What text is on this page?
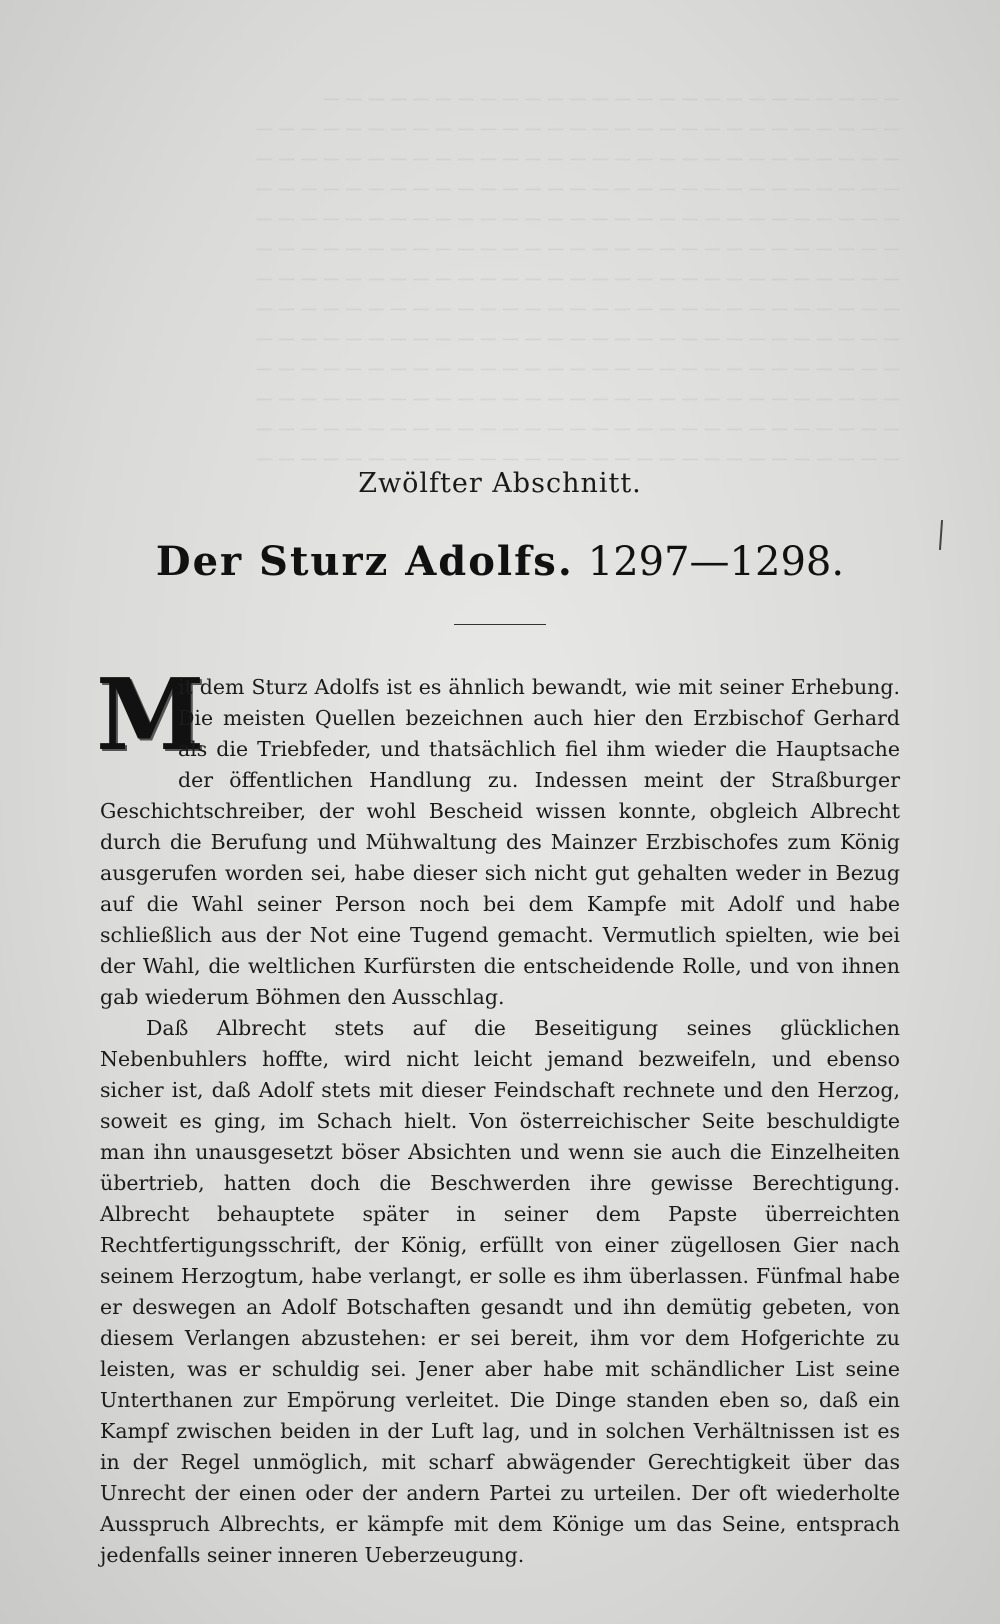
— — — — — — — — — — — — — — — — — — — — — — — — — —
— — — — — — — — — — — — — — — — — — — — — — — — — — — — —
— — — — — — — — — — — — — — — — — — — — — — — — — — — — —
— — — — — — — — — — — — — — — — — — — — — — — — — — — — —
— — — — — — — — — — — — — — — — — — — — — — — — — — — — —
— — — — — — — — — — — — — — — — — — — — — — — — — — — — —
— — — — — — — — — — — — — — — — — — — — — — — — — — — — —
— — — — — — — — — — — — — — — — — — — — — — — — — — — — —
— — — — — — — — — — — — — — — — — — — — — — — — — — — — —
— — — — — — — — — — — — — — — — — — — — — — — — — — — — —
— — — — — — — — — — — — — — — — — — — — — — — — — — — — —
— — — — — — — — — — — — — — — — — — — — — — — — — — — — —
— — — — — — — — — — — — — — — — — — — — — — — — — — — — —
Zwölfter Abschnitt.
Der Sturz Adolfs. 1297—1298.

M
it dem Sturz Adolfs ist es ähnlich bewandt, wie mit seiner Erhebung. Die meisten Quellen bezeichnen auch hier den Erzbischof Gerhard als die Triebfeder, und thatsächlich fiel ihm wieder die Hauptsache der öffentlichen Handlung zu. Indessen meint der Straßburger Geschichtschreiber, der wohl Bescheid wissen konnte, obgleich Albrecht durch die Berufung und Mühwaltung des Mainzer Erzbischofes zum König ausgerufen worden sei, habe dieser sich nicht gut gehalten weder in Bezug auf die Wahl seiner Person noch bei dem Kampfe mit Adolf und habe schließlich aus der Not eine Tugend gemacht. Vermutlich spielten, wie bei der Wahl, die weltlichen Kurfürsten die entscheidende Rolle, und von ihnen gab wiederum Böhmen den Ausschlag.

Daß Albrecht stets auf die Beseitigung seines glücklichen Nebenbuhlers hoffte, wird nicht leicht jemand bezweifeln, und ebenso sicher ist, daß Adolf stets mit dieser Feindschaft rechnete und den Herzog, soweit es ging, im Schach hielt. Von österreichischer Seite beschuldigte man ihn unausgesetzt böser Absichten und wenn sie auch die Einzelheiten übertrieb, hatten doch die Beschwerden ihre gewisse Berechtigung. Albrecht behauptete später in seiner dem Papste überreichten Rechtfertigungsschrift, der König, erfüllt von einer zügellosen Gier nach seinem Herzogtum, habe verlangt, er solle es ihm überlassen. Fünfmal habe er deswegen an Adolf Botschaften gesandt und ihn demütig gebeten, von diesem Verlangen abzustehen: er sei bereit, ihm vor dem Hofgerichte zu leisten, was er schuldig sei. Jener aber habe mit schändlicher List seine Unterthanen zur Empörung verleitet. Die Dinge standen eben so, daß ein Kampf zwischen beiden in der Luft lag, und in solchen Verhältnissen ist es in der Regel unmöglich, mit scharf abwägender Gerechtigkeit über das Unrecht der einen oder der andern Partei zu urteilen. Der oft wiederholte Ausspruch Albrechts, er kämpfe mit dem Könige um das Seine, entsprach jedenfalls seiner inneren Ueberzeugung.
